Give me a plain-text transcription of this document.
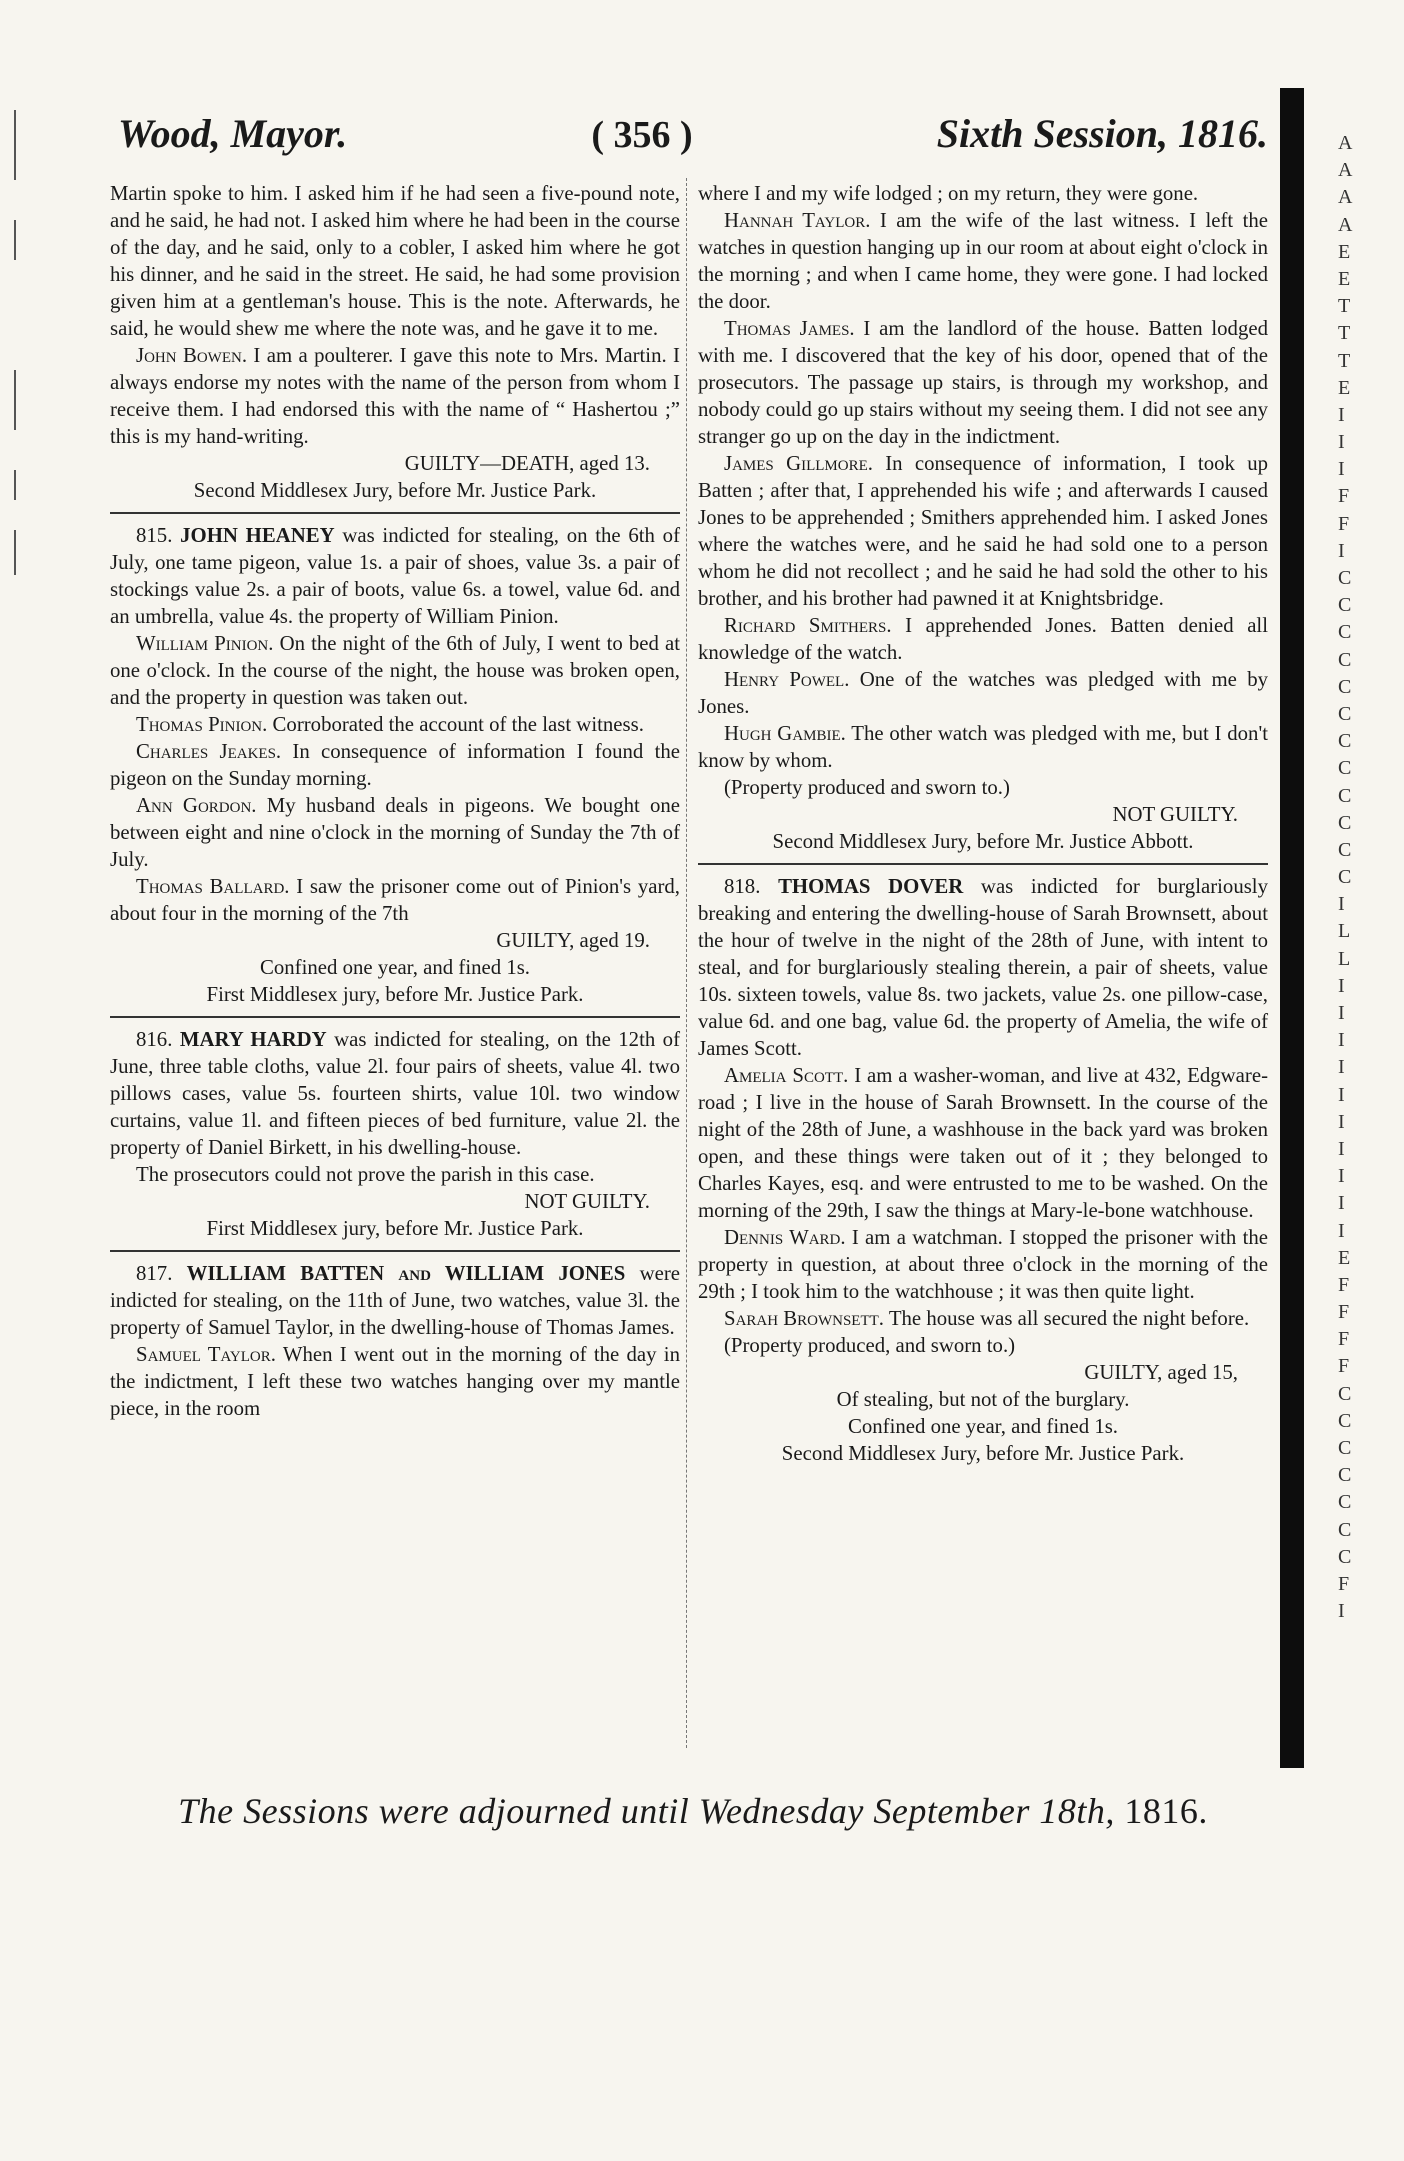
Wood, Mayor.	( 356 )	Sixth Session, 1816.

Martin spoke to him. I asked him if he had seen a five-pound note, and he said, he had not. I asked him where he had been in the course of the day, and he said, only to a cobler, I asked him where he got his dinner, and he said in the street. He said, he had some provision given him at a gentleman's house. This is the note. Afterwards, he said, he would shew me where the note was, and he gave it to me.

John Bowen. I am a poulterer. I gave this note to Mrs. Martin. I always endorse my notes with the name of the person from whom I receive them. I had endorsed this with the name of “ Hashertou ;” this is my hand-writing.

GUILTY—DEATH, aged 13.

Second Middlesex Jury, before Mr. Justice Park.

815. JOHN HEANEY was indicted for stealing, on the 6th of July, one tame pigeon, value 1s. a pair of shoes, value 3s. a pair of stockings value 2s. a pair of boots, value 6s. a towel, value 6d. and an umbrella, value 4s. the property of William Pinion.

William Pinion. On the night of the 6th of July, I went to bed at one o'clock. In the course of the night, the house was broken open, and the property in question was taken out.

Thomas Pinion. Corroborated the account of the last witness.

Charles Jeakes. In consequence of information I found the pigeon on the Sunday morning.

Ann Gordon. My husband deals in pigeons. We bought one between eight and nine o'clock in the morning of Sunday the 7th of July.

Thomas Ballard. I saw the prisoner come out of Pinion's yard, about four in the morning of the 7th

GUILTY, aged 19.

Confined one year, and fined 1s.

First Middlesex jury, before Mr. Justice Park.

816. MARY HARDY was indicted for stealing, on the 12th of June, three table cloths, value 2l. four pairs of sheets, value 4l. two pillows cases, value 5s. fourteen shirts, value 10l. two window curtains, value 1l. and fifteen pieces of bed furniture, value 2l. the property of Daniel Birkett, in his dwelling-house.

The prosecutors could not prove the parish in this case.

NOT GUILTY.

First Middlesex jury, before Mr. Justice Park.

817. WILLIAM BATTEN and WILLIAM JONES were indicted for stealing, on the 11th of June, two watches, value 3l. the property of Samuel Taylor, in the dwelling-house of Thomas James.

Samuel Taylor. When I went out in the morning of the day in the indictment, I left these two watches hanging over my mantle piece, in the room

where I and my wife lodged ; on my return, they were gone.

Hannah Taylor. I am the wife of the last witness. I left the watches in question hanging up in our room at about eight o'clock in the morning ; and when I came home, they were gone. I had locked the door.

Thomas James. I am the landlord of the house. Batten lodged with me. I discovered that the key of his door, opened that of the prosecutors. The passage up stairs, is through my workshop, and nobody could go up stairs without my seeing them. I did not see any stranger go up on the day in the indictment.

James Gillmore. In consequence of information, I took up Batten ; after that, I apprehended his wife ; and afterwards I caused Jones to be apprehended ; Smithers apprehended him. I asked Jones where the watches were, and he said he had sold one to a person whom he did not recollect ; and he said he had sold the other to his brother, and his brother had pawned it at Knightsbridge.

Richard Smithers. I apprehended Jones. Batten denied all knowledge of the watch.

Henry Powel. One of the watches was pledged with me by Jones.

Hugh Gambie. The other watch was pledged with me, but I don't know by whom.

(Property produced and sworn to.)

NOT GUILTY.

Second Middlesex Jury, before Mr. Justice Abbott.

818. THOMAS DOVER was indicted for burglariously breaking and entering the dwelling-house of Sarah Brownsett, about the hour of twelve in the night of the 28th of June, with intent to steal, and for burglariously stealing therein, a pair of sheets, value 10s. sixteen towels, value 8s. two jackets, value 2s. one pillow-case, value 6d. and one bag, value 6d. the property of Amelia, the wife of James Scott.

Amelia Scott. I am a washer-woman, and live at 432, Edgware-road ; I live in the house of Sarah Brownsett. In the course of the night of the 28th of June, a washhouse in the back yard was broken open, and these things were taken out of it ; they belonged to Charles Kayes, esq. and were entrusted to me to be washed. On the morning of the 29th, I saw the things at Mary-le-bone watchhouse.

Dennis Ward. I am a watchman. I stopped the prisoner with the property in question, at about three o'clock in the morning of the 29th ; I took him to the watchhouse ; it was then quite light.

Sarah Brownsett. The house was all secured the night before.

(Property produced, and sworn to.)

GUILTY, aged 15,

Of stealing, but not of the burglary.

Confined one year, and fined 1s.

Second Middlesex Jury, before Mr. Justice Park.

The Sessions were adjourned until Wednesday September 18th, 1816.
A
A
A
A
E
E
T
T
T
E
I
I
I
F
F
I
C
C
C
C
C
C
C
C
C
C
C
C
I
L
L
I
I
I
I
I
I
I
I
I
I
E
F
F
F
F
C
C
C
C
C
C
C
F
I
